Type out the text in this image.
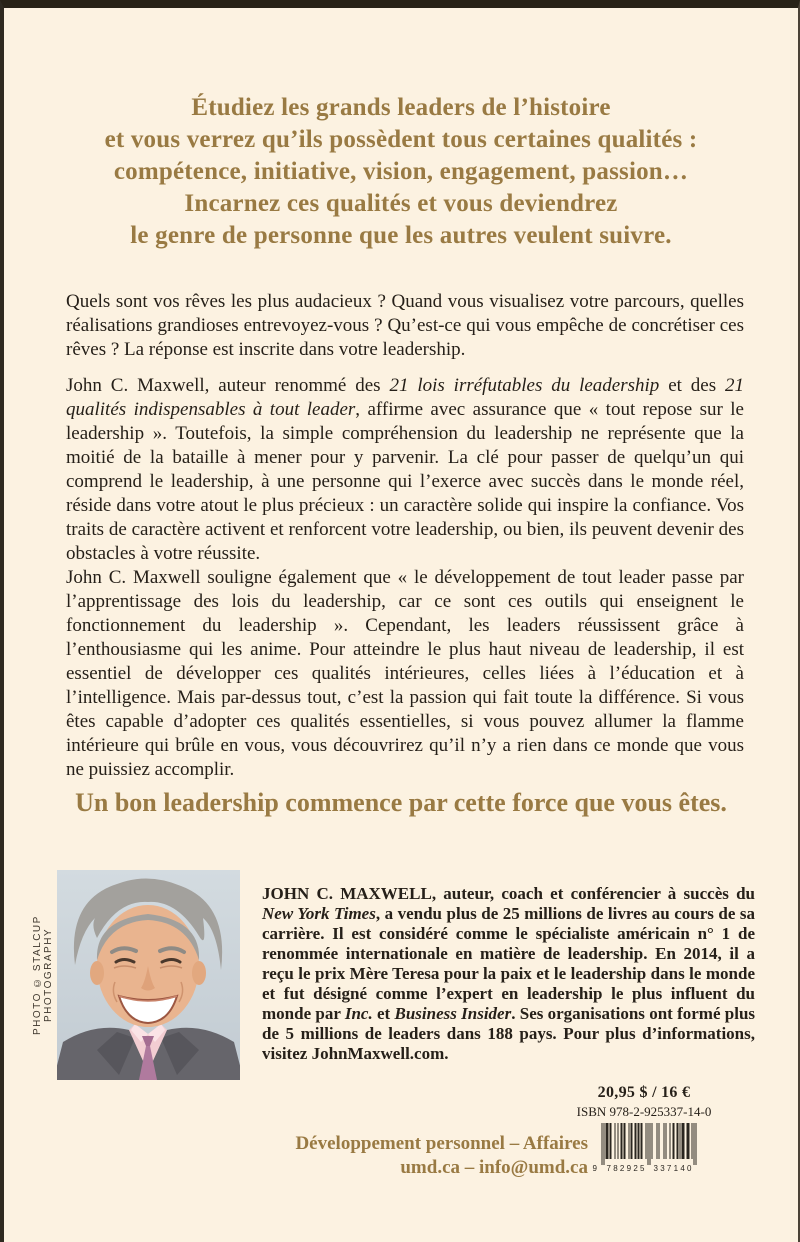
Étudiez les grands leaders de l’histoire
et vous verrez qu’ils possèdent tous certaines qualités :
compétence, initiative, vision, engagement, passion…
Incarnez ces qualités et vous deviendrez
le genre de personne que les autres veulent suivre.

Quels sont vos rêves les plus audacieux ? Quand vous visualisez votre parcours, quelles réalisations grandioses entrevoyez-vous ? Qu’est-ce qui vous empêche de concrétiser ces rêves ? La réponse est inscrite dans votre leadership.

John C. Maxwell, auteur renommé des 21 lois irréfutables du leadership et des 21 qualités indispensables à tout leader, affirme avec assurance que « tout repose sur le leadership ». Toutefois, la simple compréhension du leadership ne représente que la moitié de la bataille à mener pour y parvenir. La clé pour passer de quelqu’un qui comprend le leadership, à une personne qui l’exerce avec succès dans le monde réel, réside dans votre atout le plus précieux : un caractère solide qui inspire la confiance. Vos traits de caractère activent et renforcent votre leadership, ou bien, ils peuvent devenir des obstacles à votre réussite.

John C. Maxwell souligne également que « le développement de tout leader passe par l’apprentissage des lois du leadership, car ce sont ces outils qui enseignent le fonctionnement du leadership ». Cependant, les leaders réussissent grâce à l’enthousiasme qui les anime. Pour atteindre le plus haut niveau de leadership, il est essentiel de développer ces qualités intérieures, celles liées à l’éducation et à l’intelligence. Mais par-dessus tout, c’est la passion qui fait toute la différence. Si vous êtes capable d’adopter ces qualités essentielles, si vous pouvez allumer la flamme intérieure qui brûle en vous, vous découvrirez qu’il n’y a rien dans ce monde que vous ne puissiez accomplir.

Un bon leadership commence par cette force que vous êtes.
PHOTO © STALCUP PHOTOGRAPHY

JOHN C. MAXWELL, auteur, coach et conférencier à succès du New York Times, a vendu plus de 25 millions de livres au cours de sa carrière. Il est considéré comme le spécialiste américain n° 1 de renommée internationale en matière de leadership. En 2014, il a reçu le prix Mère Teresa pour la paix et le leadership dans le monde et fut désigné comme l’expert en leadership le plus influent du monde par Inc. et Business Insider. Ses organisations ont formé plus de 5 millions de leaders dans 188 pays. Pour plus d’informations, visitez JohnMaxwell.com.

20,95 $ / 16 €
ISBN 978-2-925337-14-0
9 782925 337140
Développement personnel – Affaires
umd.ca – info@umd.ca
